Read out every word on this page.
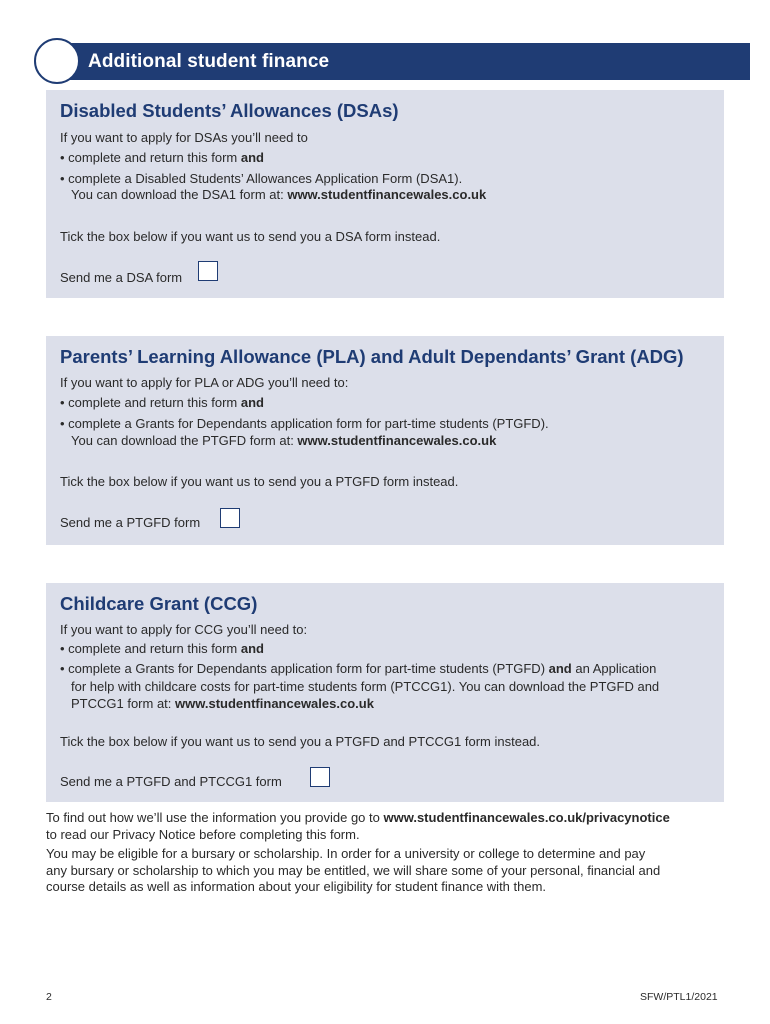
Additional student finance
Disabled Students’ Allowances (DSAs)
If you want to apply for DSAs you’ll need to
• complete and return this form and
• complete a Disabled Students’ Allowances Application Form (DSA1).
You can download the DSA1 form at: www.studentfinancewales.co.uk
Tick the box below if you want us to send you a DSA form instead.
Send me a DSA form
Parents’ Learning Allowance (PLA) and Adult Dependants’ Grant (ADG)
If you want to apply for PLA or ADG you’ll need to:
• complete and return this form and
• complete a Grants for Dependants application form for part-time students (PTGFD).
You can download the PTGFD form at: www.studentfinancewales.co.uk
Tick the box below if you want us to send you a PTGFD form instead.
Send me a PTGFD form
Childcare Grant (CCG)
If you want to apply for CCG you’ll need to:
• complete and return this form and
• complete a Grants for Dependants application form for part-time students (PTGFD) and an Application
for help with childcare costs for part-time students form (PTCCG1). You can download the PTGFD and
PTCCG1 form at: www.studentfinancewales.co.uk
Tick the box below if you want us to send you a PTGFD and PTCCG1 form instead.
Send me a PTGFD and PTCCG1 form
To find out how we’ll use the information you provide go to www.studentfinancewales.co.uk/privacynotice
to read our Privacy Notice before completing this form.
You may be eligible for a bursary or scholarship. In order for a university or college to determine and pay
any bursary or scholarship to which you may be entitled, we will share some of your personal, financial and
course details as well as information about your eligibility for student finance with them.
2	SFW/PTL1/2021
